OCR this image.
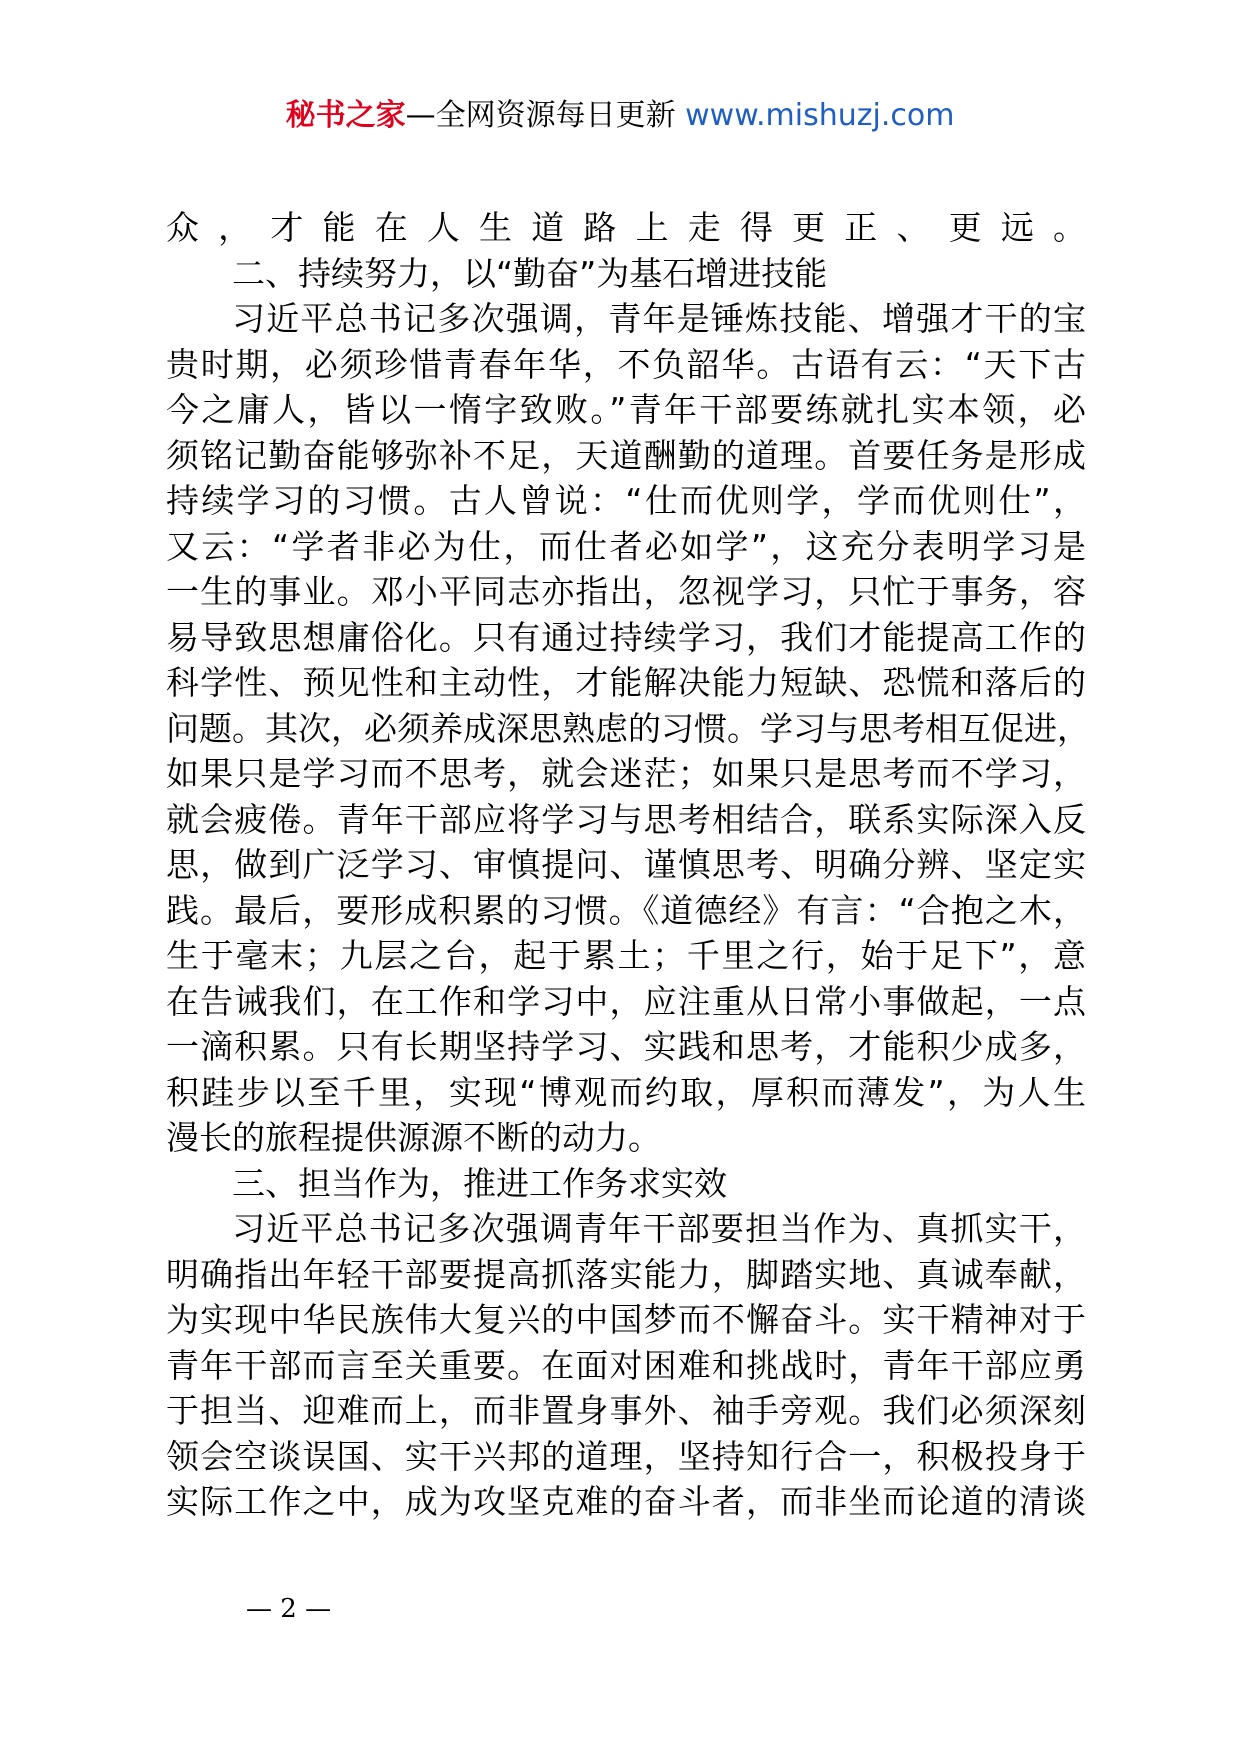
秘书之家—全网资源每日更新 www.mishuzj.com
众，才能在人生道路上走得更正、更远。
二、持续努力，以“勤奋”为基石增进技能
习近平总书记多次强调，青年是锤炼技能、增强才干的宝
贵时期，必须珍惜青春年华，不负韶华。古语有云：“天下古
今之庸人，皆以一惰字致败。”青年干部要练就扎实本领，必
须铭记勤奋能够弥补不足，天道酬勤的道理。首要任务是形成
持续学习的习惯。古人曾说：“仕而优则学，学而优则仕”，
又云：“学者非必为仕，而仕者必如学”，这充分表明学习是
一生的事业。邓小平同志亦指出，忽视学习，只忙于事务，容
易导致思想庸俗化。只有通过持续学习，我们才能提高工作的
科学性、预见性和主动性，才能解决能力短缺、恐慌和落后的
问题。其次，必须养成深思熟虑的习惯。学习与思考相互促进，
如果只是学习而不思考，就会迷茫；如果只是思考而不学习，
就会疲倦。青年干部应将学习与思考相结合，联系实际深入反
思，做到广泛学习、审慎提问、谨慎思考、明确分辨、坚定实
践。最后，要形成积累的习惯。《道德经》有言：“合抱之木，
生于毫末；九层之台，起于累土；千里之行，始于足下”，意
在告诫我们，在工作和学习中，应注重从日常小事做起，一点
一滴积累。只有长期坚持学习、实践和思考，才能积少成多，
积跬步以至千里，实现“博观而约取，厚积而薄发”，为人生
漫长的旅程提供源源不断的动力。
三、担当作为，推进工作务求实效
习近平总书记多次强调青年干部要担当作为、真抓实干，
明确指出年轻干部要提高抓落实能力，脚踏实地、真诚奉献，
为实现中华民族伟大复兴的中国梦而不懈奋斗。实干精神对于
青年干部而言至关重要。在面对困难和挑战时，青年干部应勇
于担当、迎难而上，而非置身事外、袖手旁观。我们必须深刻
领会空谈误国、实干兴邦的道理，坚持知行合一，积极投身于
实际工作之中，成为攻坚克难的奋斗者，而非坐而论道的清谈
— 2 —
